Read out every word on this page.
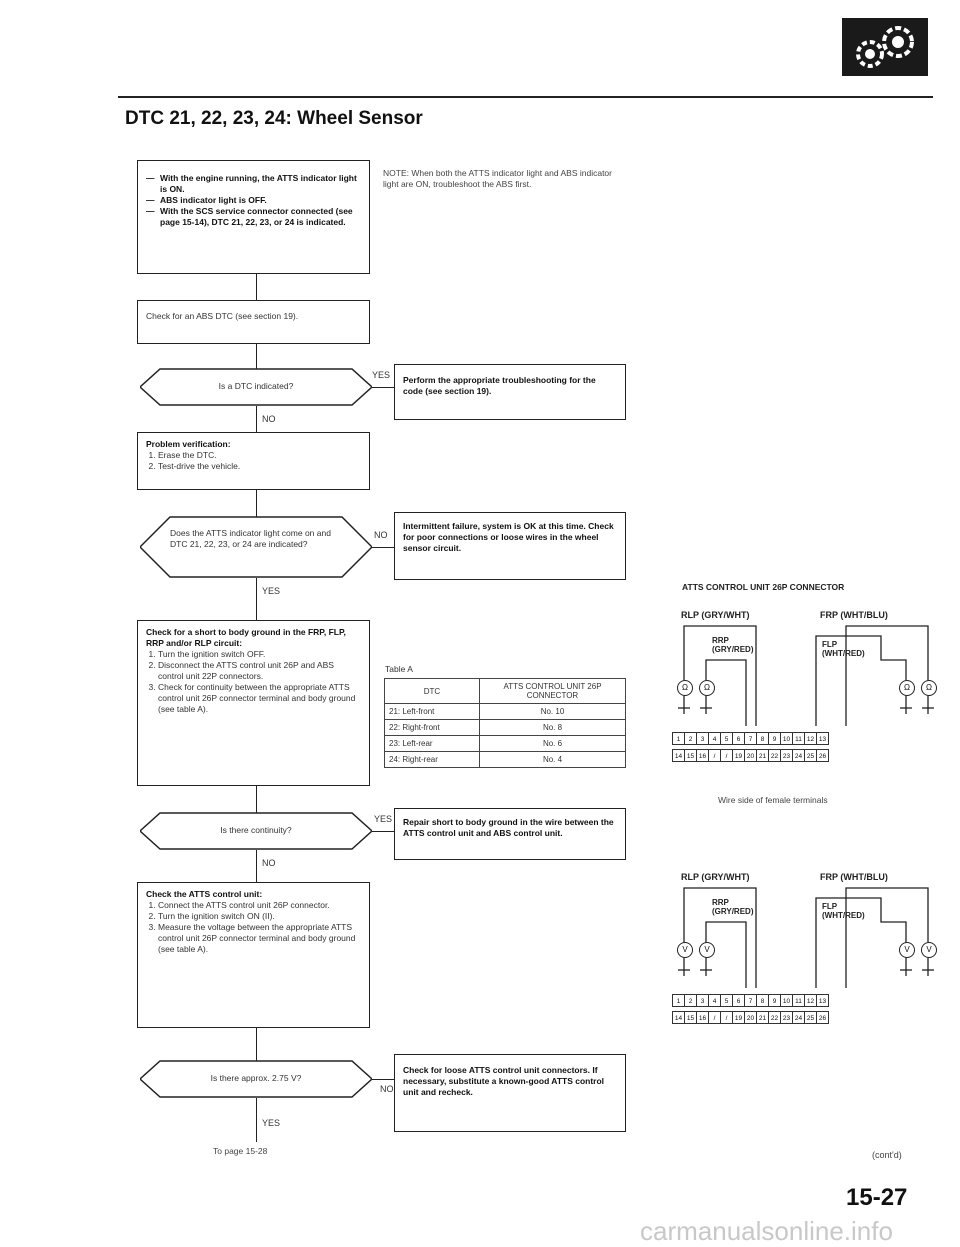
DTC 21, 22, 23, 24: Wheel Sensor
— With the engine running, the ATTS indicator light is ON.
— ABS indicator light is OFF.
— With the SCS service connector connected (see page 15-14), DTC 21, 22, 23, or 24 is indicated.
NOTE: When both the ATTS indicator light and ABS indicator light are ON, troubleshoot the ABS first.
Check for an ABS DTC (see section 19).
Is a DTC indicated?
YES	Perform the appropriate troubleshooting for the code (see section 19).
NO
Problem verification:
1. Erase the DTC.
2. Test-drive the vehicle.
Does the ATTS indicator light come on and DTC 21, 22, 23, or 24 are indicated?
NO
Intermittent failure, system is OK at this time. Check for poor connections or loose wires in the wheel sensor circuit.
YES
Check for a short to body ground in the FRP, FLP, RRP and/or RLP circuit:
1. Turn the ignition switch OFF.
2. Disconnect the ATTS control unit 26P and ABS control unit 22P connectors.
3. Check for continuity between the appropriate ATTS control unit 26P connector terminal and body ground (see table A).
Table A
DTC	ATTS CONTROL UNIT 26P CONNECTOR
21: Left-front	No. 10
22: Right-front	No. 8
23: Left-rear	No. 6
24: Right-rear	No. 4
Is there continuity?
YES	Repair short to body ground in the wire between the ATTS control unit and ABS control unit.
NO
Check the ATTS control unit:
1. Connect the ATTS control unit 26P connector.
2. Turn the ignition switch ON (II).
3. Measure the voltage between the appropriate ATTS control unit 26P connector terminal and body ground (see table A).
Is there approx. 2.75 V?
NO
Check for loose ATTS control unit connectors. If necessary, substitute a known-good ATTS control unit and recheck.
YES
To page 15-28
ATTS CONTROL UNIT 26P CONNECTOR
RLP (GRY/WHT)	FRP (WHT/BLU)
RRP (GRY/RED)
FLP (WHT/RED)
Ω	Ω	Ω	Ω
1 2 3 4 5 6 7 8 9 10 11 12 13
14 15 16 / / 19 20 21 22 23 24 25 26
Wire side of female terminals
RLP (GRY/WHT)	FRP (WHT/BLU)
RRP (GRY/RED)
FLP (WHT/RED)
V	V	V	V
1 2 3 4 5 6 7 8 9 10 11 12 13
14 15 16 / / 19 20 21 22 23 24 25 26
(cont'd)
15-27
carmanualsonline.info
